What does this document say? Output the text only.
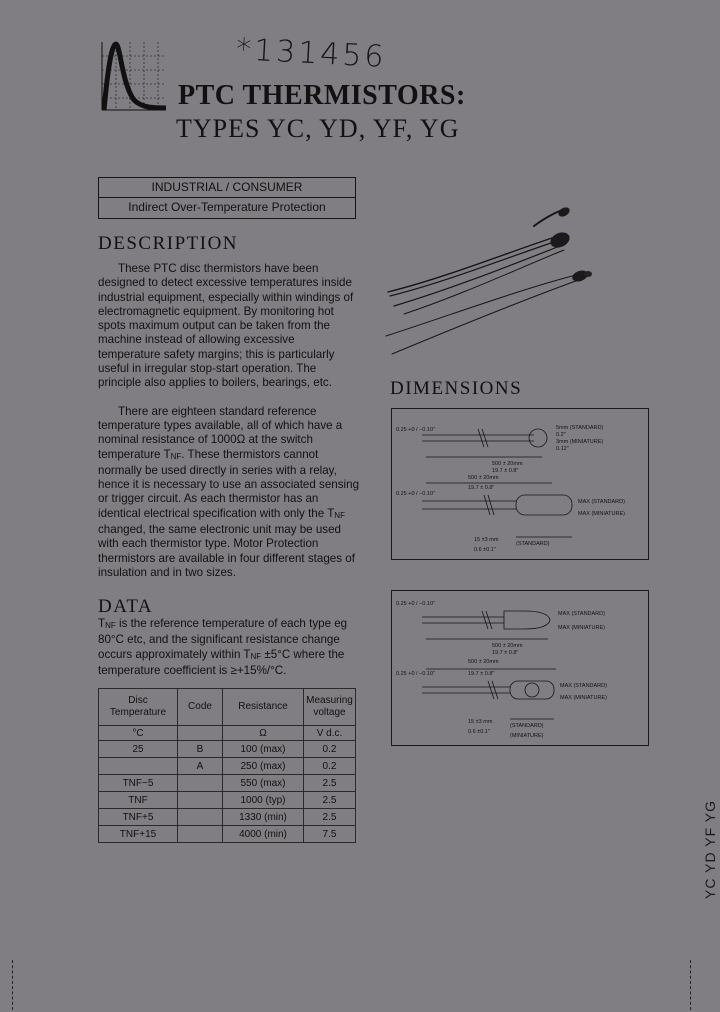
*131456
PTC THERMISTORS:
TYPES YC, YD, YF, YG
INDUSTRIAL / CONSUMER
Indirect Over-Temperature Protection
DESCRIPTION

These PTC disc thermistors have been designed to detect excessive temperatures inside industrial equipment, especially within windings of electromagnetic equipment. By monitoring hot spots maximum output can be taken from the machine instead of allowing excessive temperature safety margins; this is particularly useful in irregular stop-start operation. The principle also applies to boilers, bearings, etc.

There are eighteen standard reference temperature types available, all of which have a nominal resistance of 1000Ω at the switch temperature TNF. These thermistors cannot normally be used directly in series with a relay, hence it is necessary to use an associated sensing or trigger circuit. As each thermistor has an identical electrical specification with only the TNF changed, the same electronic unit may be used with each thermistor type. Motor Protection thermistors are available in four different stages of insulation and in two sizes.

DATA
TNF is the reference temperature of each type eg 80°C etc, and the significant resistance change occurs approximately within TNF ±5°C where the temperature coefficient is ≥+15%/°C.
Disc Temperature	Code	Resistance	Measuring voltage
°C		Ω	V d.c.
25	B	100 (max)	0.2
	A	250 (max)	0.2
TNF−5		550 (max)	2.5
TNF		1000 (typ)	2.5
TNF+5		1330 (min)	2.5
TNF+15		4000 (min)	7.5
DIMENSIONS
0.25 +0 / −0.10"
500 ± 20mm
19.7 ± 0.8"
5mm (STANDARD)
0.2"
3mm (MINIATURE)
0.12"
0.25 +0 / −0.10"
500 ± 20mm
19.7 ± 0.8"
MAX (STANDARD)
MAX (MINIATURE)
15 ±3 mm
0.6 ±0.1"
(STANDARD)
0.25 +0 / −0.10"
500 ± 20mm
19.7 ± 0.8"
MAX (STANDARD)
MAX (MINIATURE)
0.25 +0 / −0.10"
500 ± 20mm
19.7 ± 0.8"
MAX (STANDARD)
MAX (MINIATURE)
15 ±3 mm
0.6 ±0.1"
(STANDARD)
(MINIATURE)
YC YD YF YG
